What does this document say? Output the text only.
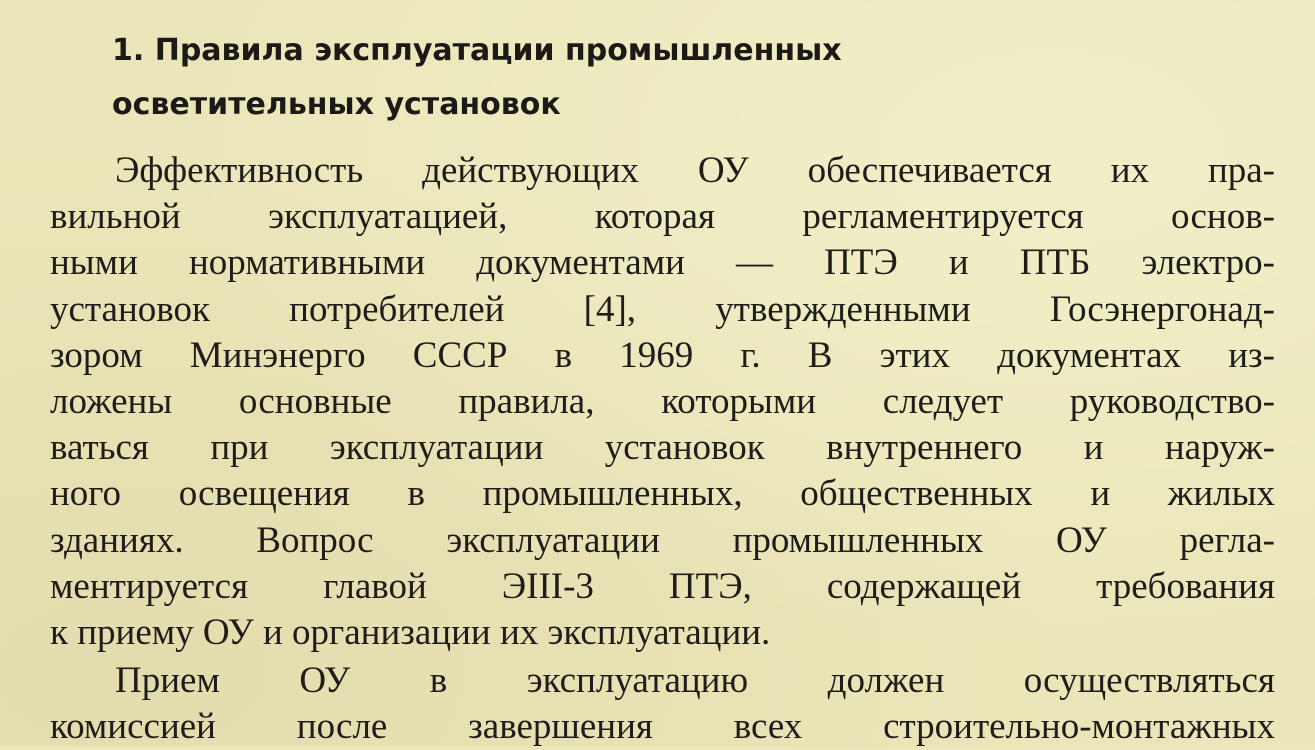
1. Правила эксплуатации промышленных
осветительных установок
Эффективность действующих ОУ обеспечивается их пра-
вильной эксплуатацией, которая регламентируется основ-
ными нормативными документами — ПТЭ и ПТБ электро-
установок потребителей [4], утвержденными Госэнергонад-
зором Минэнерго СССР в 1969 г. В этих документах из-
ложены основные правила, которыми следует руководство-
ваться при эксплуатации установок внутреннего и наруж-
ного освещения в промышленных, общественных и жилых
зданиях. Вопрос эксплуатации промышленных ОУ регла-
ментируется главой ЭIII-3 ПТЭ, содержащей требования
к приему ОУ и организации их эксплуатации.
Прием ОУ в эксплуатацию должен осуществляться
комиссией после завершения всех строительно-монтажных
